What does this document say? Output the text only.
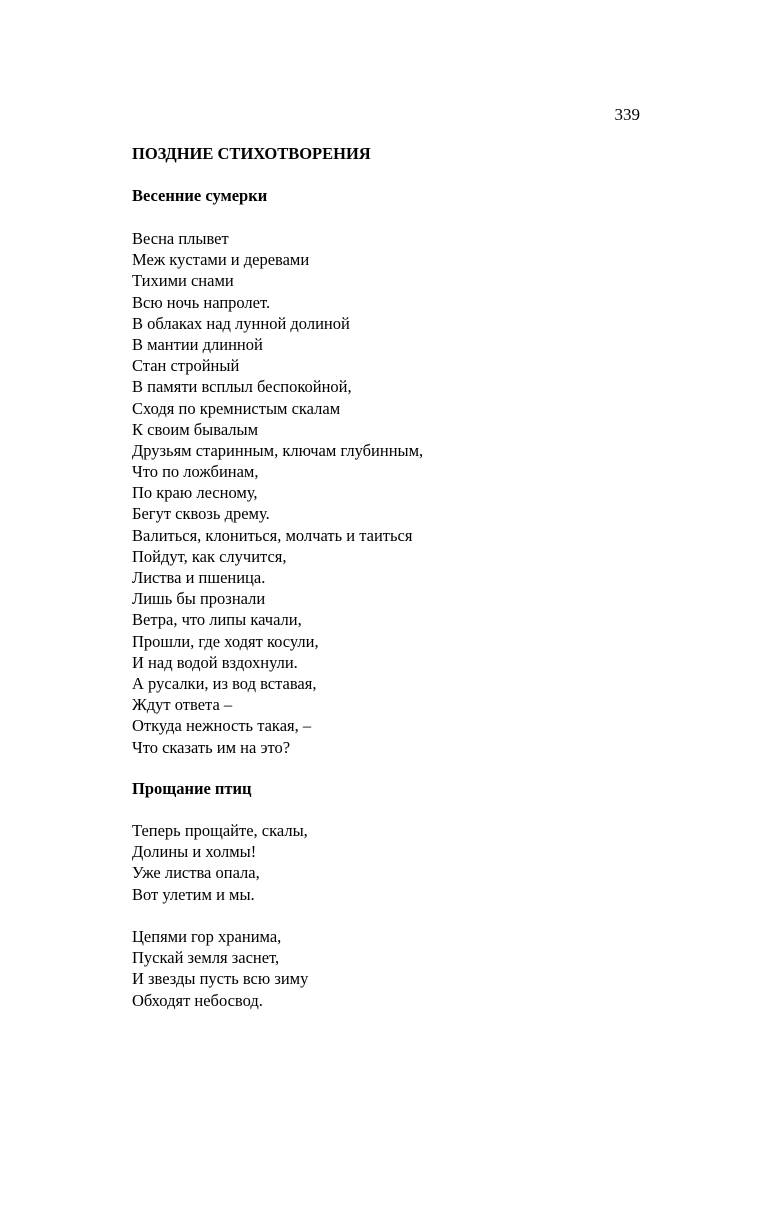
339
ПОЗДНИЕ СТИХОТВОРЕНИЯ
Весенние сумерки
Весна плывет
Меж кустами и деревами
Тихими снами
Всю ночь напролет.
В облаках над лунной долиной
В мантии длинной
Стан стройный
В памяти всплыл беспокойной,
Сходя по кремнистым скалам
К своим бывалым
Друзьям старинным, ключам глубинным,
Что по ложбинам,
По краю лесному,
Бегут сквозь дрему.
Валиться, клониться, молчать и таиться
Пойдут, как случится,
Листва и пшеница.
Лишь бы прознали
Ветра, что липы качали,
Прошли, где ходят косули,
И над водой вздохнули.
А русалки, из вод вставая,
Ждут ответа –
Откуда нежность такая, –
Что сказать им на это?
Прощание птиц
Теперь прощайте, скалы,
Долины и холмы!
Уже листва опала,
Вот улетим и мы.
Цепями гор хранима,
Пускай земля заснет,
И звезды пусть всю зиму
Обходят небосвод.
